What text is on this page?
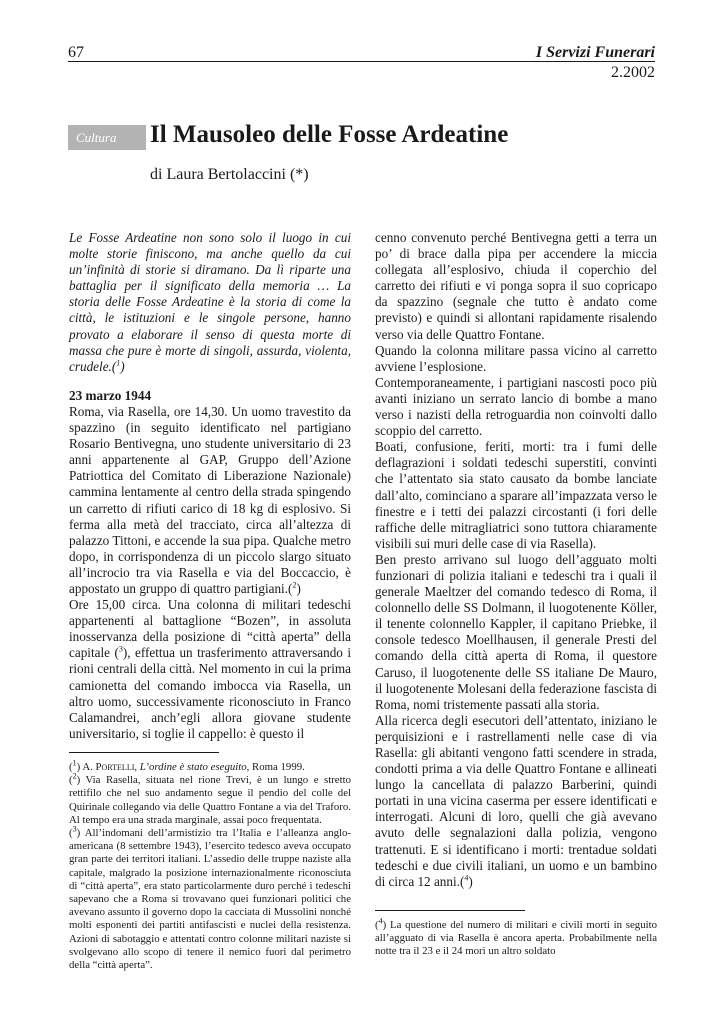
67	I Servizi Funerari
2.2002
Cultura	Il Mausoleo delle Fosse Ardeatine
di Laura Bertolaccini (*)

Le Fosse Ardeatine non sono solo il luogo in cui molte storie finiscono, ma anche quello da cui un’infinità di storie si diramano. Da lì riparte una battaglia per il significato della memoria … La storia delle Fosse Ardeatine è la storia di come la città, le istituzioni e le singole persone, hanno provato a elaborare il senso di questa morte di massa che pure è morte di singoli, assurda, violenta, crudele.($^1$)

23 marzo 1944

Roma, via Rasella, ore 14,30. Un uomo travestito da spazzino (in seguito identificato nel partigiano Rosario Bentivegna, uno studente universitario di 23 anni appartenente al GAP, Gruppo dell’Azione Patriottica del Comitato di Liberazione Nazionale) cammina lentamente al centro della strada spingendo un carretto di rifiuti carico di 18 kg di esplosivo. Si ferma alla metà del tracciato, circa all’altezza di palazzo Tittoni, e accende la sua pipa. Qualche metro dopo, in corrispondenza di un piccolo slargo situato all’incrocio tra via Rasella e via del Boccaccio, è appostato un gruppo di quattro partigiani.($^2$)

Ore 15,00 circa. Una colonna di militari tedeschi appartenenti al battaglione “Bozen”, in assoluta inosservanza della posizione di “città aperta” della capitale ($^3$), effettua un trasferimento attraversando i rioni centrali della città. Nel momento in cui la prima camionetta del comando imbocca via Rasella, un altro uomo, successivamente riconosciuto in Franco Calamandrei, anch’egli allora giovane studente universitario, si toglie il cappello: è questo il

($^1$) A. Portelli, L’ordine è stato eseguito, Roma 1999.

($^2$) Via Rasella, situata nel rione Trevi, è un lungo e stretto rettifilo che nel suo andamento segue il pendio del colle del Quirinale collegando via delle Quattro Fontane a via del Traforo. Al tempo era una strada marginale, assai poco frequentata.

($^3$) All’indomani dell’armistizio tra l’Italia e l’alleanza anglo-americana (8 settembre 1943), l’esercito tedesco aveva occupato gran parte dei territori italiani. L’assedio delle truppe naziste alla capitale, malgrado la posizione internazionalmente riconosciuta di “città aperta”, era stato particolarmente duro perché i tedeschi sapevano che a Roma si trovavano quei funzionari politici che avevano assunto il governo dopo la cacciata di Mussolini nonché molti esponenti dei partiti antifascisti e nuclei della resistenza. Azioni di sabotaggio e attentati contro colonne militari naziste si svolgevano allo scopo di tenere il nemico fuori dal perimetro della “città aperta”.

cenno convenuto perché Bentivegna getti a terra un po’ di brace dalla pipa per accendere la miccia collegata all’esplosivo, chiuda il coperchio del carretto dei rifiuti e vi ponga sopra il suo copricapo da spazzino (segnale che tutto è andato come previsto) e quindi si allontani rapidamente risalendo verso via delle Quattro Fontane.

Quando la colonna militare passa vicino al carretto avviene l’esplosione.

Contemporaneamente, i partigiani nascosti poco più avanti iniziano un serrato lancio di bombe a mano verso i nazisti della retroguardia non coinvolti dallo scoppio del carretto.

Boati, confusione, feriti, morti: tra i fumi delle deflagrazioni i soldati tedeschi superstiti, convinti che l’attentato sia stato causato da bombe lanciate dall’alto, cominciano a sparare all’impazzata verso le finestre e i tetti dei palazzi circostanti (i fori delle raffiche delle mitragliatrici sono tuttora chiaramente visibili sui muri delle case di via Rasella).

Ben presto arrivano sul luogo dell’agguato molti funzionari di polizia italiani e tedeschi tra i quali il generale Maeltzer del comando tedesco di Roma, il colonnello delle SS Dolmann, il luogotenente Köller, il tenente colonnello Kappler, il capitano Priebke, il console tedesco Moellhausen, il generale Presti del comando della città aperta di Roma, il questore Caruso, il luogotenente delle SS italiane De Mauro, il luogotenente Molesani della federazione fascista di Roma, nomi tristemente passati alla storia.

Alla ricerca degli esecutori dell’attentato, iniziano le perquisizioni e i rastrellamenti nelle case di via Rasella: gli abitanti vengono fatti scendere in strada, condotti prima a via delle Quattro Fontane e allineati lungo la cancellata di palazzo Barberini, quindi portati in una vicina caserma per essere identificati e interrogati. Alcuni di loro, quelli che già avevano avuto delle segnalazioni dalla polizia, vengono trattenuti. E si identificano i morti: trentadue soldati tedeschi e due civili italiani, un uomo e un bambino di circa 12 anni.($^4$)

($^4$) La questione del numero di militari e civili morti in seguito all’agguato di via Rasella è ancora aperta. Probabilmente nella notte tra il 23 e il 24 morì un altro soldato
